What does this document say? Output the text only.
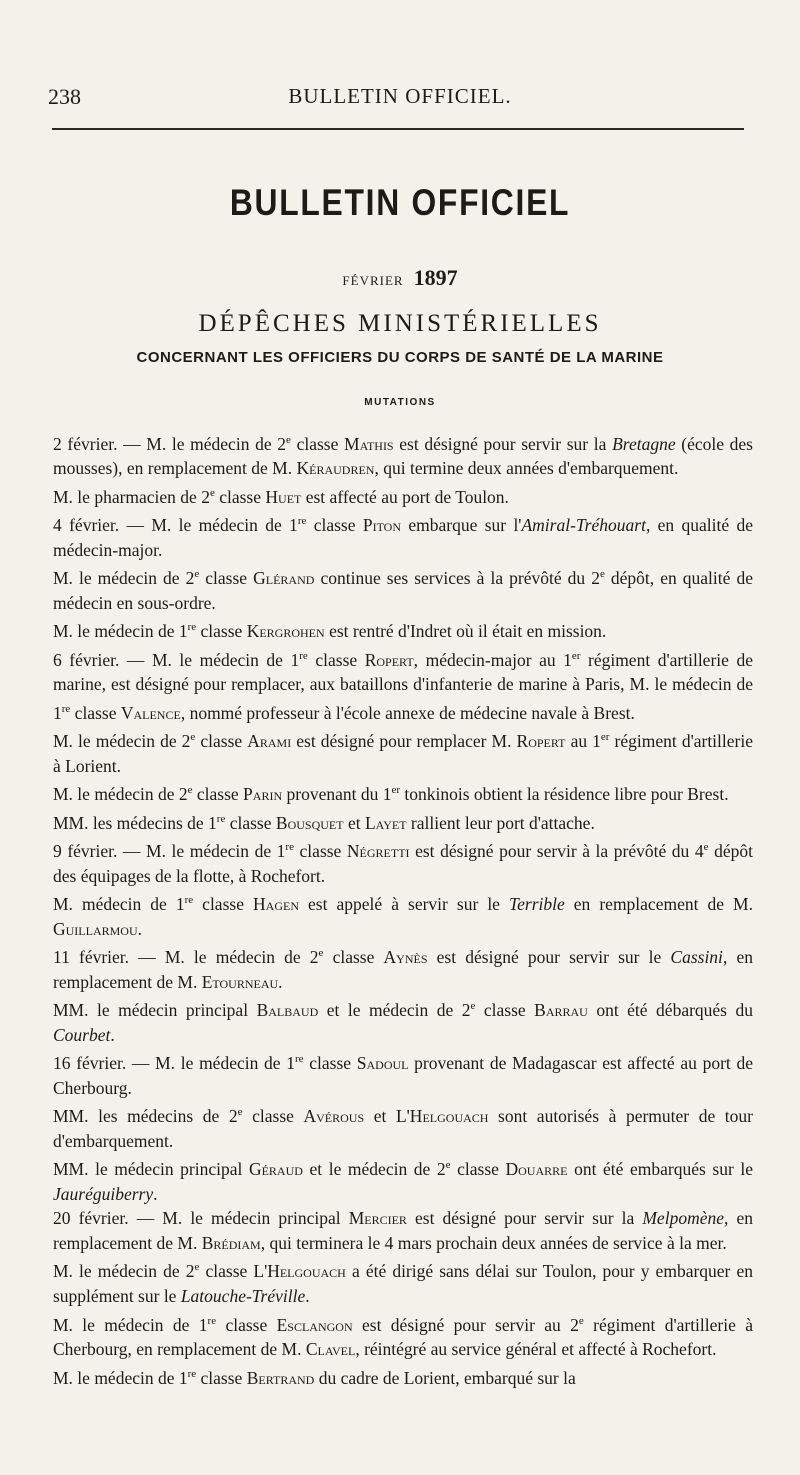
238	BULLETIN OFFICIEL.
BULLETIN OFFICIEL
FÉVRIER 1897
DÉPÊCHES MINISTÉRIELLES
CONCERNANT LES OFFICIERS DU CORPS DE SANTÉ DE LA MARINE
MUTATIONS

2 février. — M. le médecin de 2e classe Mathis est désigné pour servir sur la Bretagne (école des mousses), en remplacement de M. Kéraudren, qui termine deux années d'embarquement.

M. le pharmacien de 2e classe Huet est affecté au port de Toulon.

4 février. — M. le médecin de 1re classe Piton embarque sur l'Amiral-Tréhouart, en qualité de médecin-major.

M. le médecin de 2e classe Glérand continue ses services à la prévôté du 2e dépôt, en qualité de médecin en sous-ordre.

M. le médecin de 1re classe Kergrohen est rentré d'Indret où il était en mission.

6 février. — M. le médecin de 1re classe Ropert, médecin-major au 1er régiment d'artillerie de marine, est désigné pour remplacer, aux bataillons d'infanterie de marine à Paris, M. le médecin de 1re classe Valence, nommé professeur à l'école annexe de médecine navale à Brest.

M. le médecin de 2e classe Arami est désigné pour remplacer M. Ropert au 1er régiment d'artillerie à Lorient.

M. le médecin de 2e classe Parin provenant du 1er tonkinois obtient la résidence libre pour Brest.

MM. les médecins de 1re classe Bousquet et Layet rallient leur port d'attache.

9 février. — M. le médecin de 1re classe Négretti est désigné pour servir à la prévôté du 4e dépôt des équipages de la flotte, à Rochefort.

M. médecin de 1re classe Hagen est appelé à servir sur le Terrible en remplacement de M. Guillarmou.

11 février. — M. le médecin de 2e classe Aynès est désigné pour servir sur le Cassini, en remplacement de M. Etourneau.

MM. le médecin principal Balbaud et le médecin de 2e classe Barrau ont été débarqués du Courbet.

16 février. — M. le médecin de 1re classe Sadoul provenant de Madagascar est affecté au port de Cherbourg.

MM. les médecins de 2e classe Avérous et L'Helgouach sont autorisés à permuter de tour d'embarquement.

MM. le médecin principal Géraud et le médecin de 2e classe Douarre ont été embarqués sur le Jauréguiberry.

20 février. — M. le médecin principal Mercier est désigné pour servir sur la Melpomène, en remplacement de M. Brédiam, qui terminera le 4 mars prochain deux années de service à la mer.

M. le médecin de 2e classe L'Helgouach a été dirigé sans délai sur Toulon, pour y embarquer en supplément sur le Latouche-Tréville.

M. le médecin de 1re classe Esclangon est désigné pour servir au 2e régiment d'artillerie à Cherbourg, en remplacement de M. Clavel, réintégré au service général et affecté à Rochefort.

M. le médecin de 1re classe Bertrand du cadre de Lorient, embarqué sur la
